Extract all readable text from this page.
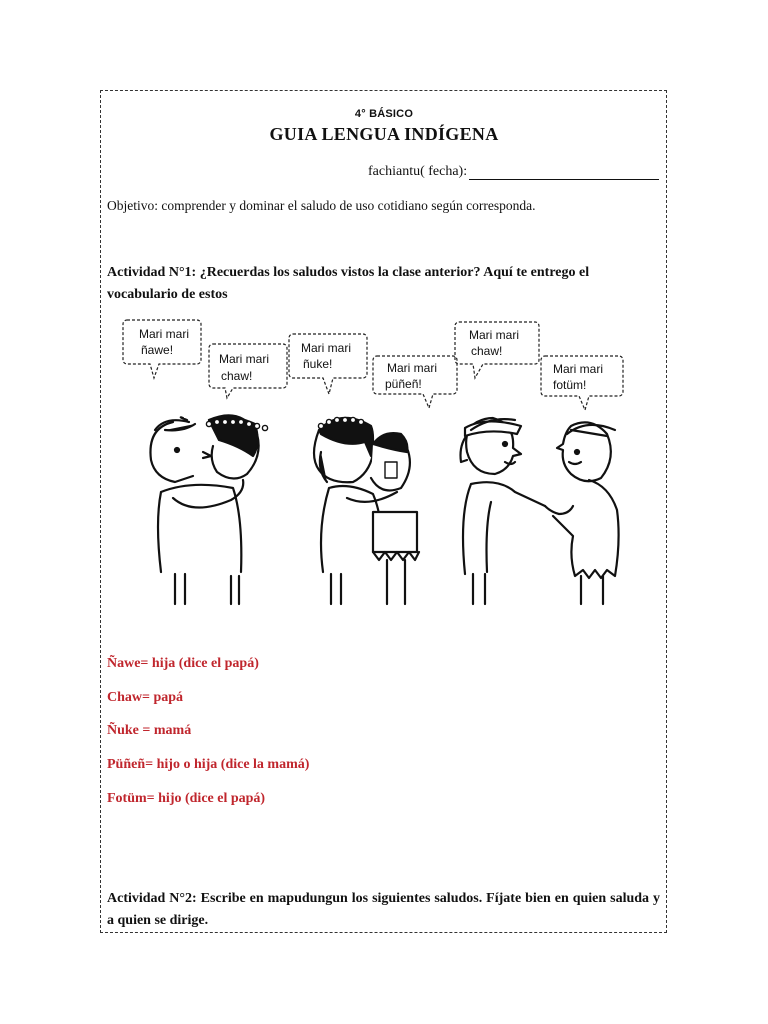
4° BÁSICO
GUIA LENGUA INDÍGENA
fachiantu( fecha):
Objetivo: comprender y dominar el saludo de uso cotidiano según corresponda.
Actividad N°1: ¿Recuerdas los saludos vistos la clase anterior? Aquí te entrego el vocabulario de estos
Mari mari
ñawe!
Mari mari
chaw!
Mari mari
ñuke!	Mari mari
püñeñ!
Mari mari
chaw!
Mari mari
fotüm!
Ñawe= hija (dice el papá)
Chaw= papá
Ñuke = mamá
Püñeñ= hijo o hija (dice la mamá)
Fotüm= hijo (dice el papá)
Actividad N°2: Escribe en mapudungun los siguientes saludos. Fíjate bien en quien saluda y a quien se dirige.
